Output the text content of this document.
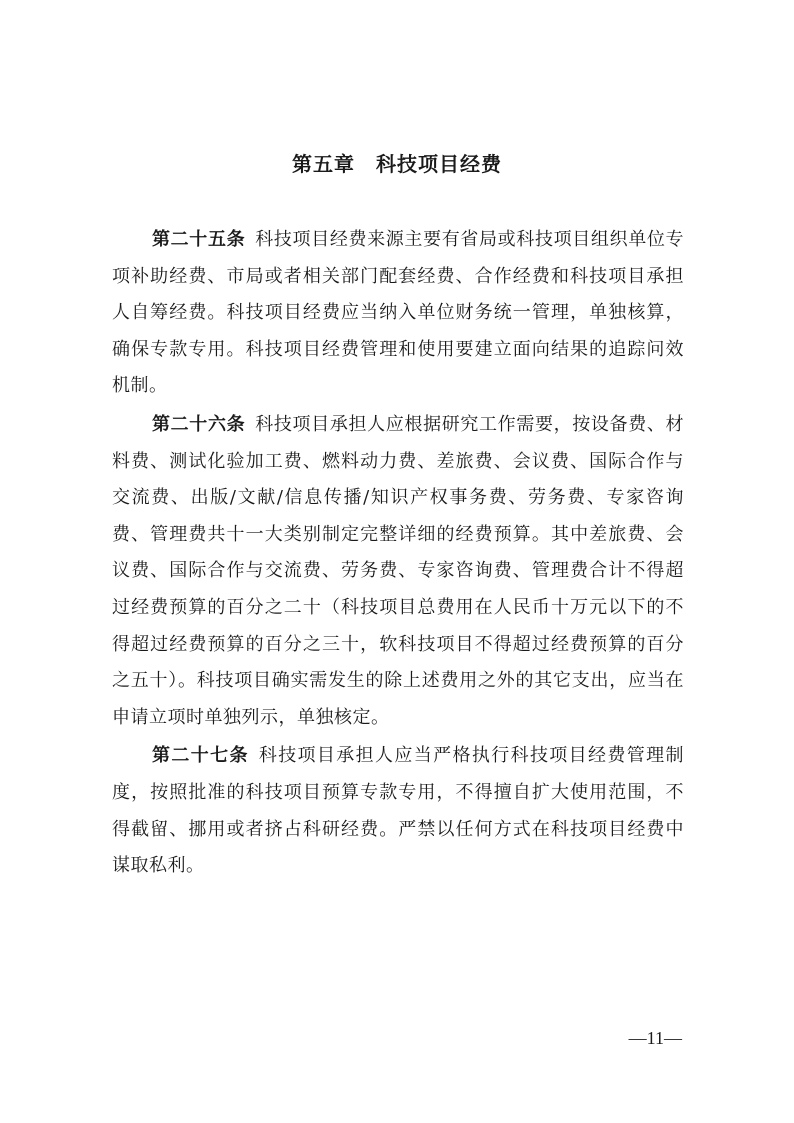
第五章　科技项目经费

第二十五条 科技项目经费来源主要有省局或科技项目组织单位专项补助经费、市局或者相关部门配套经费、合作经费和科技项目承担人自筹经费。科技项目经费应当纳入单位财务统一管理，单独核算，确保专款专用。科技项目经费管理和使用要建立面向结果的追踪问效机制。

第二十六条 科技项目承担人应根据研究工作需要，按设备费、材料费、测试化验加工费、燃料动力费、差旅费、会议费、国际合作与交流费、出版/文献/信息传播/知识产权事务费、劳务费、专家咨询费、管理费共十一大类别制定完整详细的经费预算。其中差旅费、会议费、国际合作与交流费、劳务费、专家咨询费、管理费合计不得超过经费预算的百分之二十（科技项目总费用在人民币十万元以下的不得超过经费预算的百分之三十，软科技项目不得超过经费预算的百分之五十）。科技项目确实需发生的除上述费用之外的其它支出，应当在申请立项时单独列示，单独核定。

第二十七条 科技项目承担人应当严格执行科技项目经费管理制度，按照批准的科技项目预算专款专用，不得擅自扩大使用范围，不得截留、挪用或者挤占科研经费。严禁以任何方式在科技项目经费中谋取私利。

—11—
